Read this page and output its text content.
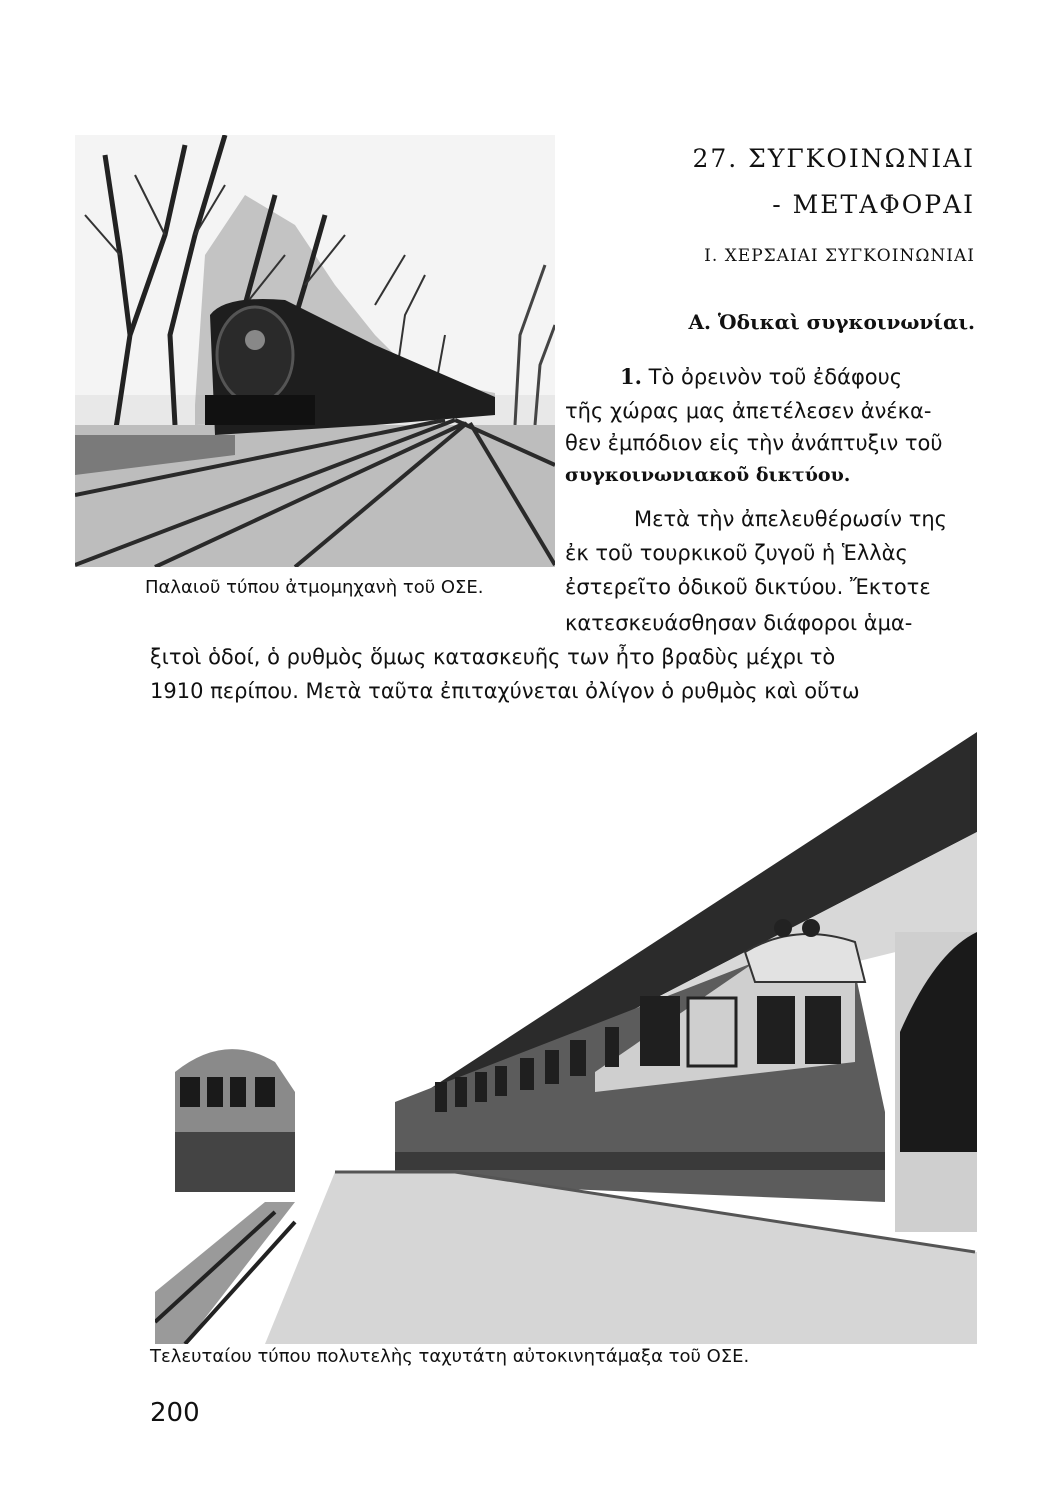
27. ΣΥΓΚΟΙΝΩΝΙΑΙ
- ΜΕΤΑΦΟΡΑΙ
Ι. ΧΕΡΣΑΙΑΙ ΣΥΓΚΟΙΝΩΝΙΑΙ
Α. Ὁδικαὶ συγκοινωνίαι.
1. Τὸ ὀρεινὸν τοῦ ἐδάφους
τῆς χώρας μας ἀπετέλεσεν ἀνέκα-
θεν ἐμπόδιον εἰς τὴν ἀνάπτυξιν τοῦ
συγκοινωνιακοῦ δικτύου.
Μετὰ τὴν ἀπελευθέρωσίν της
ἐκ τοῦ τουρκικοῦ ζυγοῦ ἡ Ἑλλὰς
ἐστερεῖτο ὀδικοῦ δικτύου. Ἔκτοτε
Παλαιοῦ τύπου ἀτμομηχανὴ τοῦ ΟΣΕ.
κατεσκευάσθησαν διάφοροι ἁμα-
ξιτοὶ ὁδοί, ὁ ρυθμὸς ὅμως κατασκευῆς των ἦτο βραδὺς μέχρι τὸ
1910 περίπου. Μετὰ ταῦτα ἐπιταχύνεται ὀλίγον ὁ ρυθμὸς καὶ οὕτω
Τελευταίου τύπου πολυτελὴς ταχυτάτη αὐτοκινητάμαξα τοῦ ΟΣΕ.
200
